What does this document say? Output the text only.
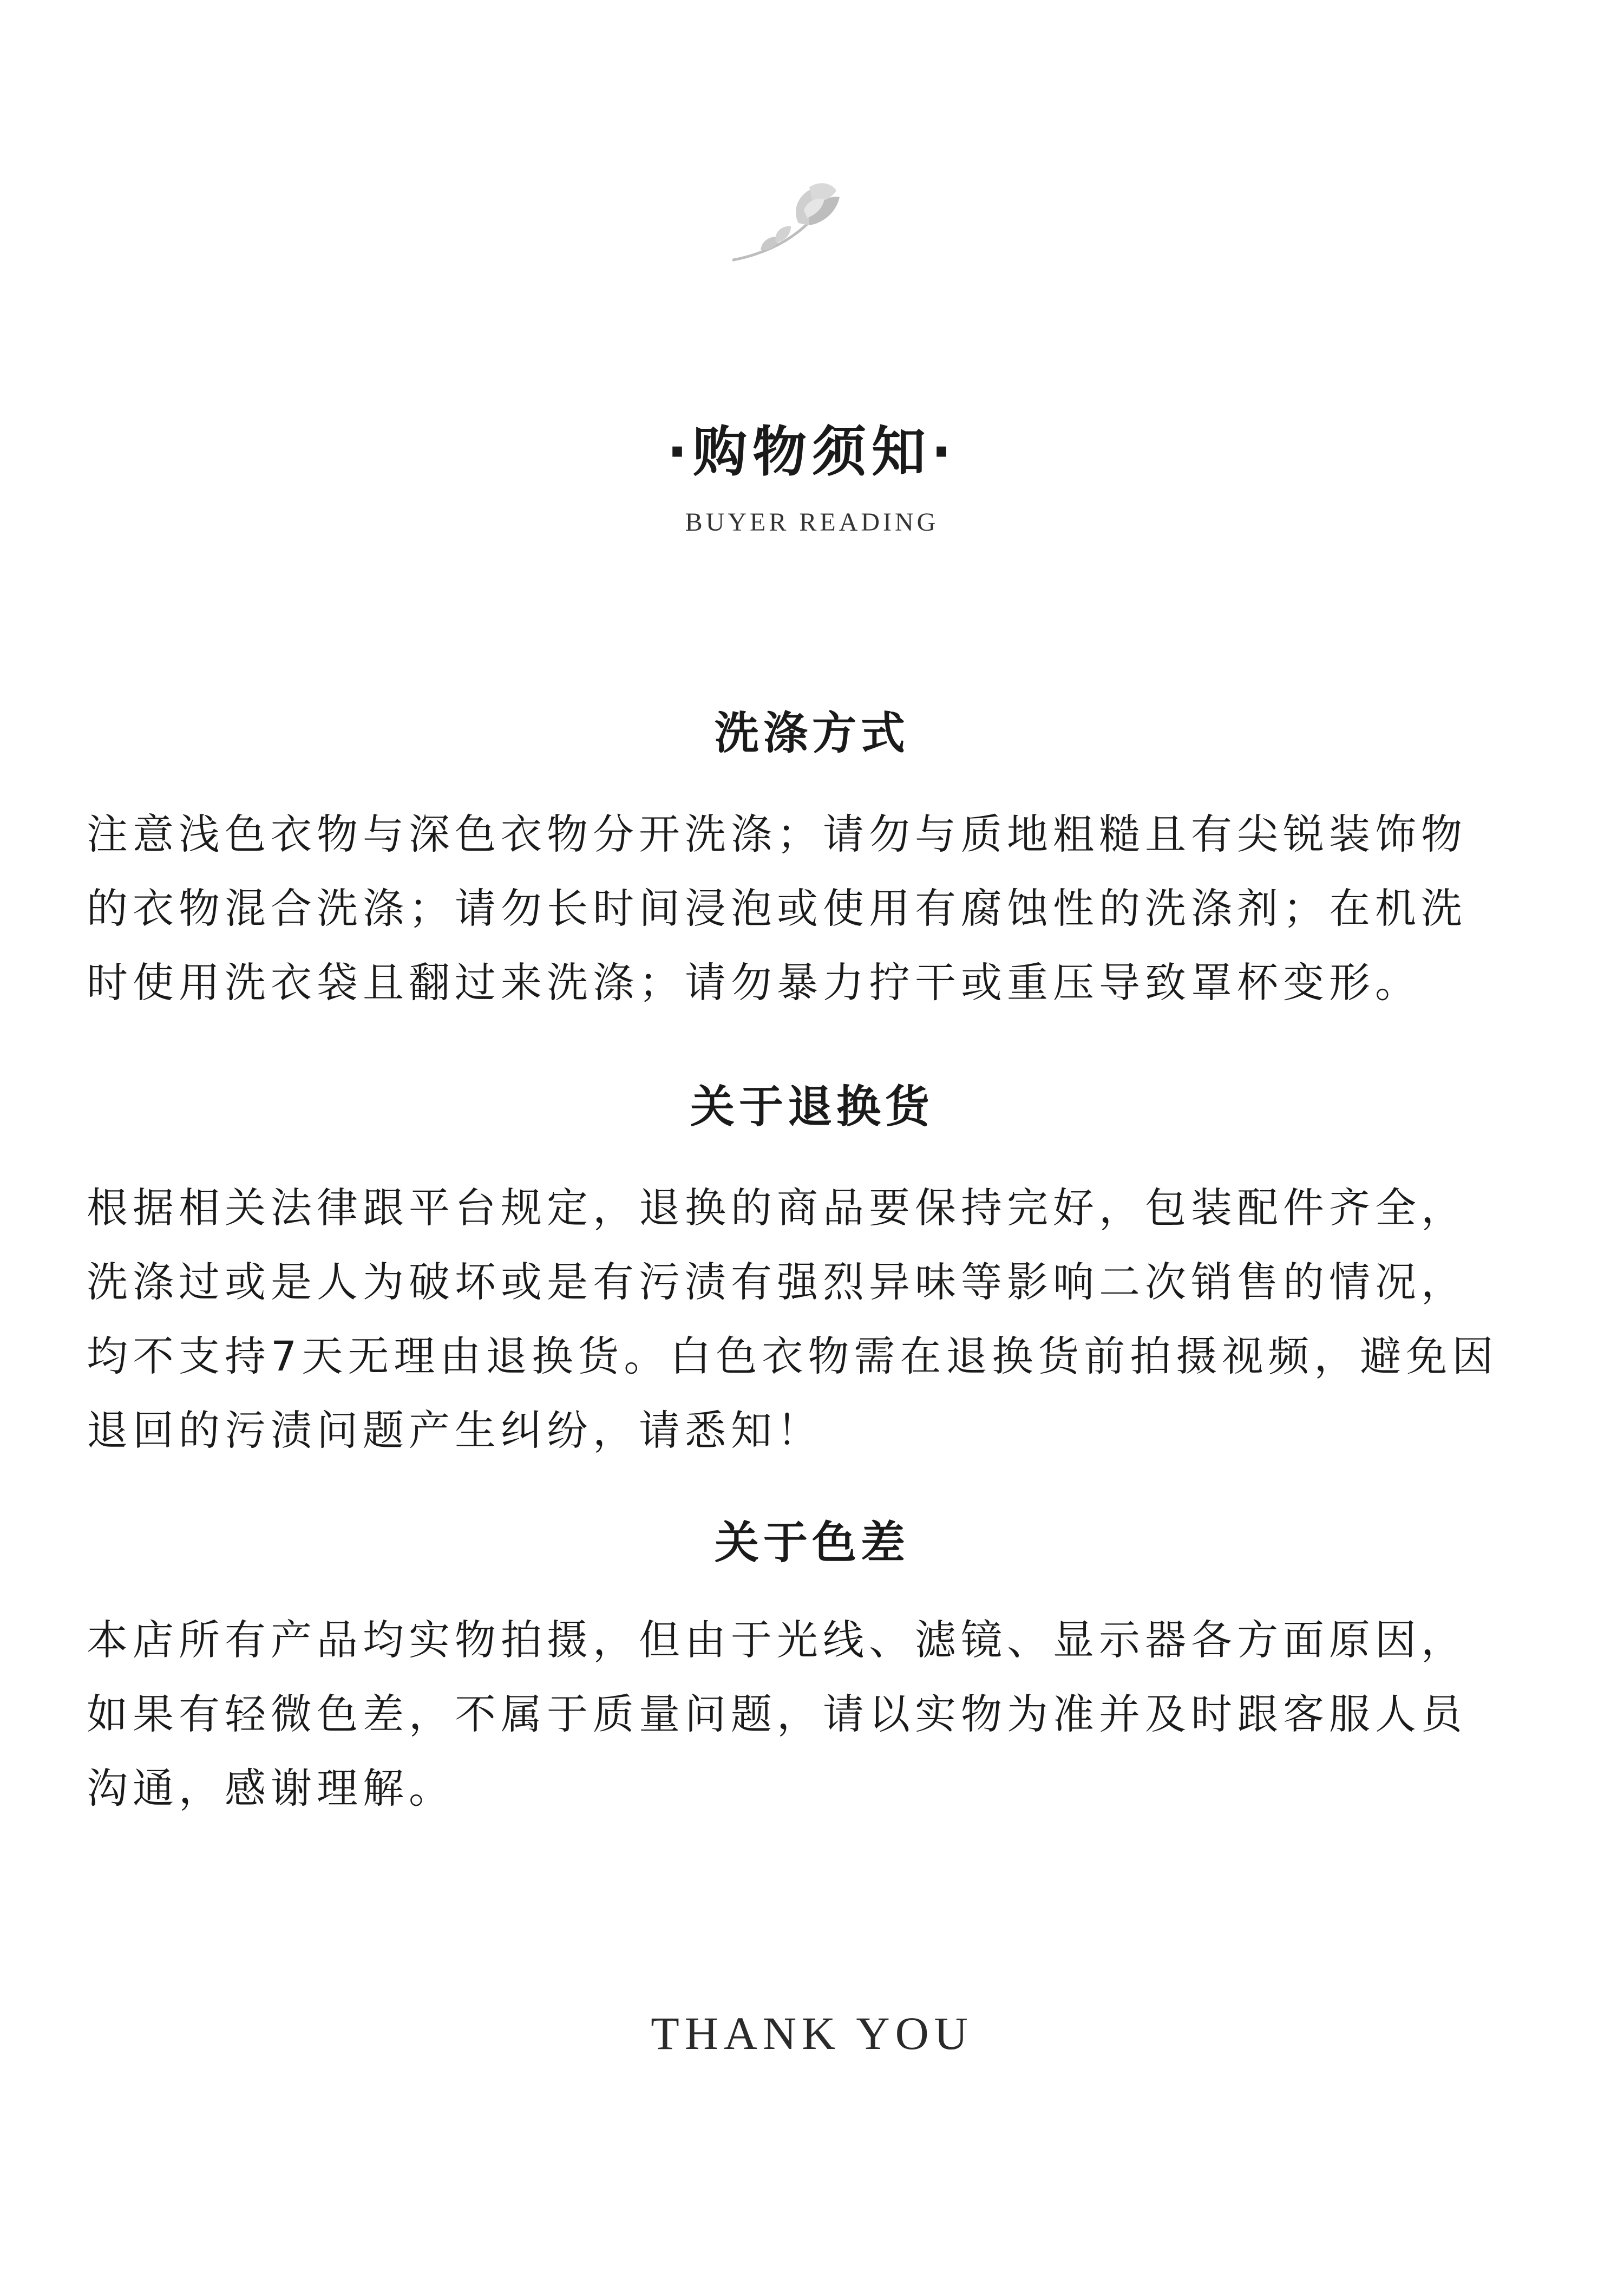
·购物须知·
BUYER READING
洗涤方式
注意浅色衣物与深色衣物分开洗涤；请勿与质地粗糙且有尖锐装饰物
的衣物混合洗涤；请勿长时间浸泡或使用有腐蚀性的洗涤剂；在机洗
时使用洗衣袋且翻过来洗涤；请勿暴力拧干或重压导致罩杯变形。
关于退换货
根据相关法律跟平台规定，退换的商品要保持完好，包装配件齐全，
洗涤过或是人为破坏或是有污渍有强烈异味等影响二次销售的情况，
均不支持7天无理由退换货。白色衣物需在退换货前拍摄视频，避免因
退回的污渍问题产生纠纷，请悉知！
关于色差
本店所有产品均实物拍摄，但由于光线、滤镜、显示器各方面原因，
如果有轻微色差，不属于质量问题，请以实物为准并及时跟客服人员
沟通，感谢理解。
THANK YOU
